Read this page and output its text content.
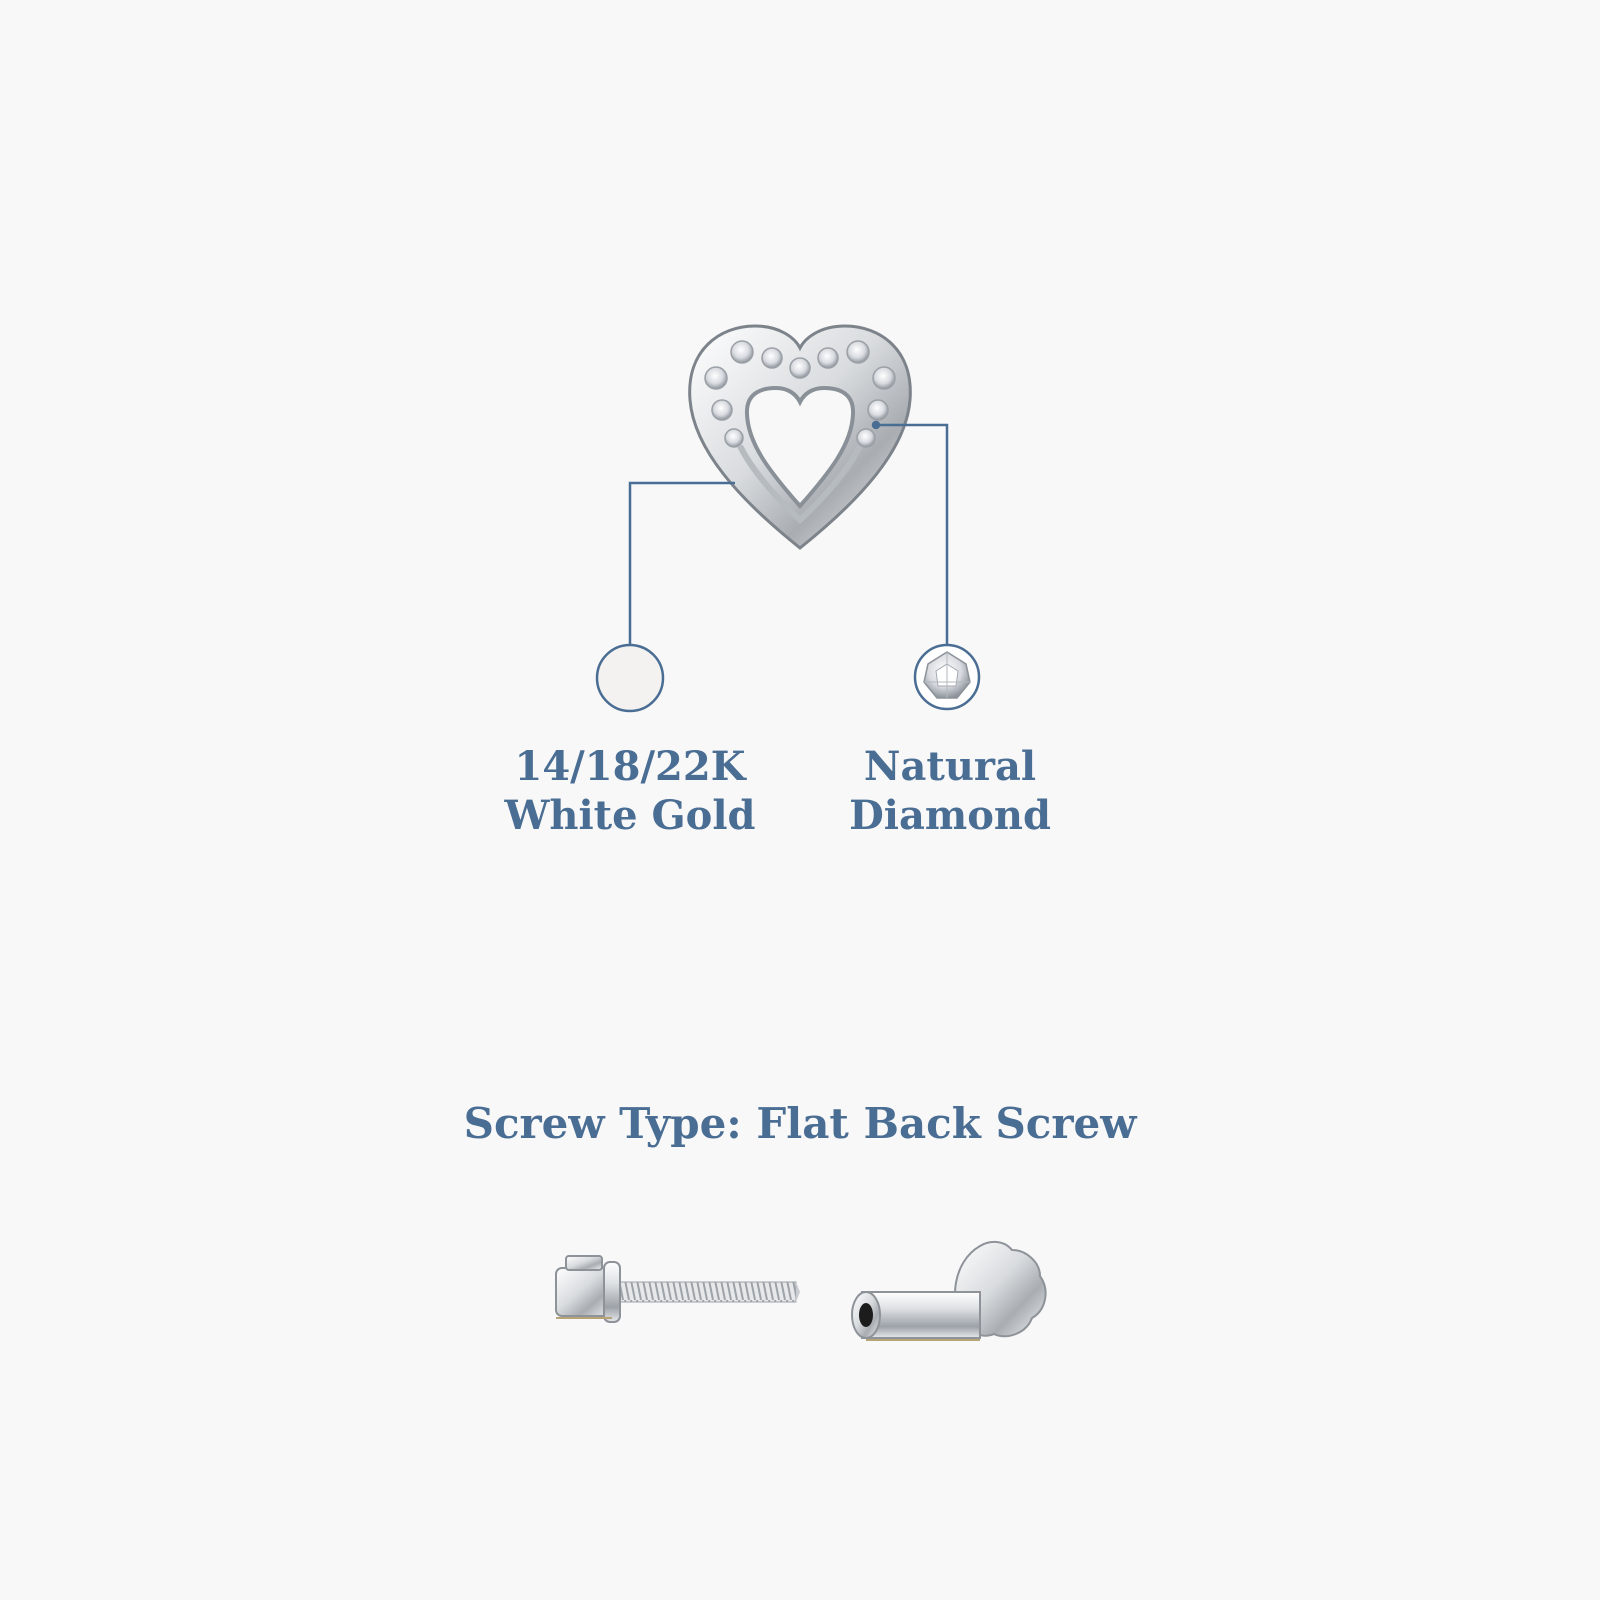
14/18/22K
White Gold
Natural
Diamond
Screw Type: Flat Back Screw
